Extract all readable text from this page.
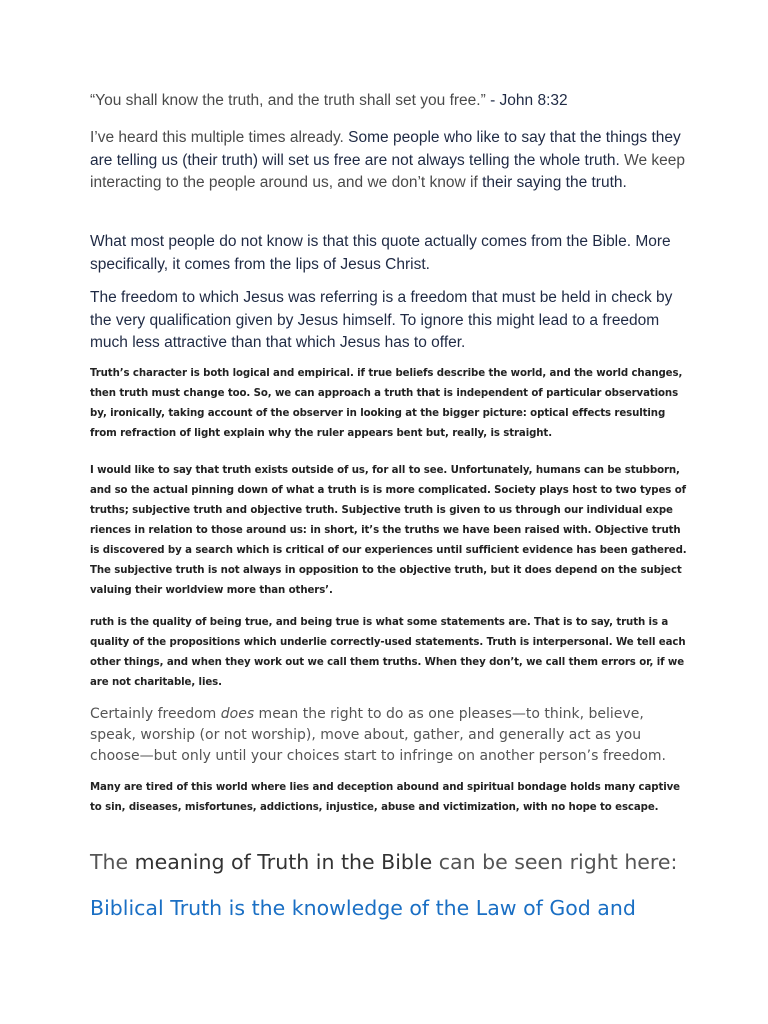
“You shall know the truth, and the truth shall set you free.” - John 8:32

I’ve heard this multiple times already. Some people who like to say that the things they are telling us (their truth) will set us free are not always telling the whole truth. We keep interacting to the people around us, and we don’t know if their saying the truth.

What most people do not know is that this quote actually comes from the Bible. More specifically, it comes from the lips of Jesus Christ.

The freedom to which Jesus was referring is a freedom that must be held in check by the very qualification given by Jesus himself. To ignore this might lead to a freedom much less attractive than that which Jesus has to offer.

Truth’s character is both logical and empirical. if true beliefs describe the world, and the world changes, then truth must change too. So, we can approach a truth that is independent of particular observations by, ironically, taking account of the observer in looking at the bigger picture: optical effects resulting from refraction of light explain why the ruler appears bent but, really, is straight.

I would like to say that truth exists outside of us, for all to see. Unfortunately, humans can be stubborn, and so the actual pinning down of what a truth is is more complicated. Society plays host to two types of truths; subjective truth and objective truth. Subjective truth is given to us through our individual expe riences in relation to those around us: in short, it’s the truths we have been raised with. Objective truth is discovered by a search which is critical of our experiences until sufficient evidence has been gathered. The subjective truth is not always in opposition to the objective truth, but it does depend on the subject valuing their worldview more than others’.

ruth is the quality of being true, and being true is what some statements are. That is to say, truth is a quality of the propositions which underlie correctly-used statements. Truth is interpersonal. We tell each other things, and when they work out we call them truths. When they don’t, we call them errors or, if we are not charitable, lies.

Certainly freedom does mean the right to do as one pleases—to think, believe, speak, worship (or not worship), move about, gather, and generally act as you choose—but only until your choices start to infringe on another person’s freedom.

Many are tired of this world where lies and deception abound and spiritual bondage holds many captive to sin, diseases, misfortunes, addictions, injustice, abuse and victimization, with no hope to escape.

The meaning of Truth in the Bible can be seen right here: Biblical Truth is the knowledge of the Law of God and
